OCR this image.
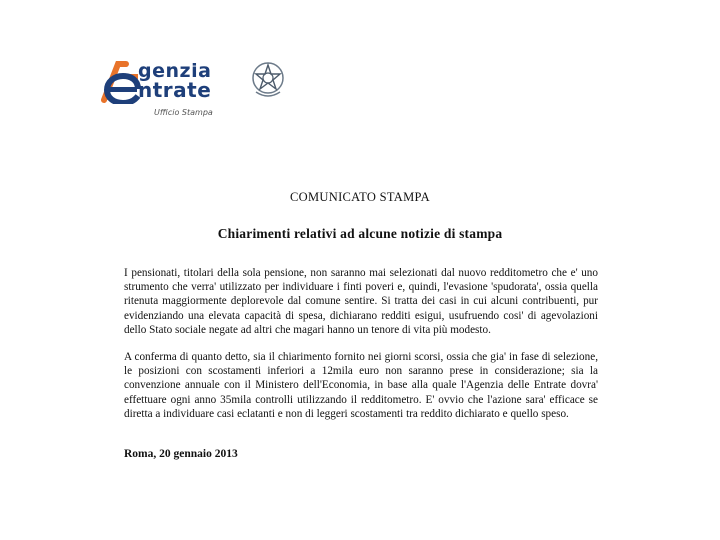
genzia
ntrate
Ufficio Stampa
COMUNICATO STAMPA
Chiarimenti relativi ad alcune notizie di stampa

I pensionati, titolari della sola pensione, non saranno mai selezionati dal nuovo redditometro che e' uno strumento che verra' utilizzato per individuare i finti poveri e, quindi, l'evasione 'spudorata', ossia quella ritenuta maggiormente deplorevole dal comune sentire. Si tratta dei casi in cui alcuni contribuenti, pur evidenziando una elevata capacità di spesa, dichiarano redditi esigui, usufruendo cosi' di agevolazioni dello Stato sociale negate ad altri che magari hanno un tenore di vita più modesto.

A conferma di quanto detto, sia il chiarimento fornito nei giorni scorsi, ossia che gia' in fase di selezione, le posizioni con scostamenti inferiori a 12mila euro non saranno prese in considerazione; sia la convenzione annuale con il Ministero dell'Economia, in base alla quale l'Agenzia delle Entrate dovra' effettuare ogni anno 35mila controlli utilizzando il redditometro. E' ovvio che l'azione sara' efficace se diretta a individuare casi eclatanti e non di leggeri scostamenti tra reddito dichiarato e quello speso.

Roma, 20 gennaio 2013
